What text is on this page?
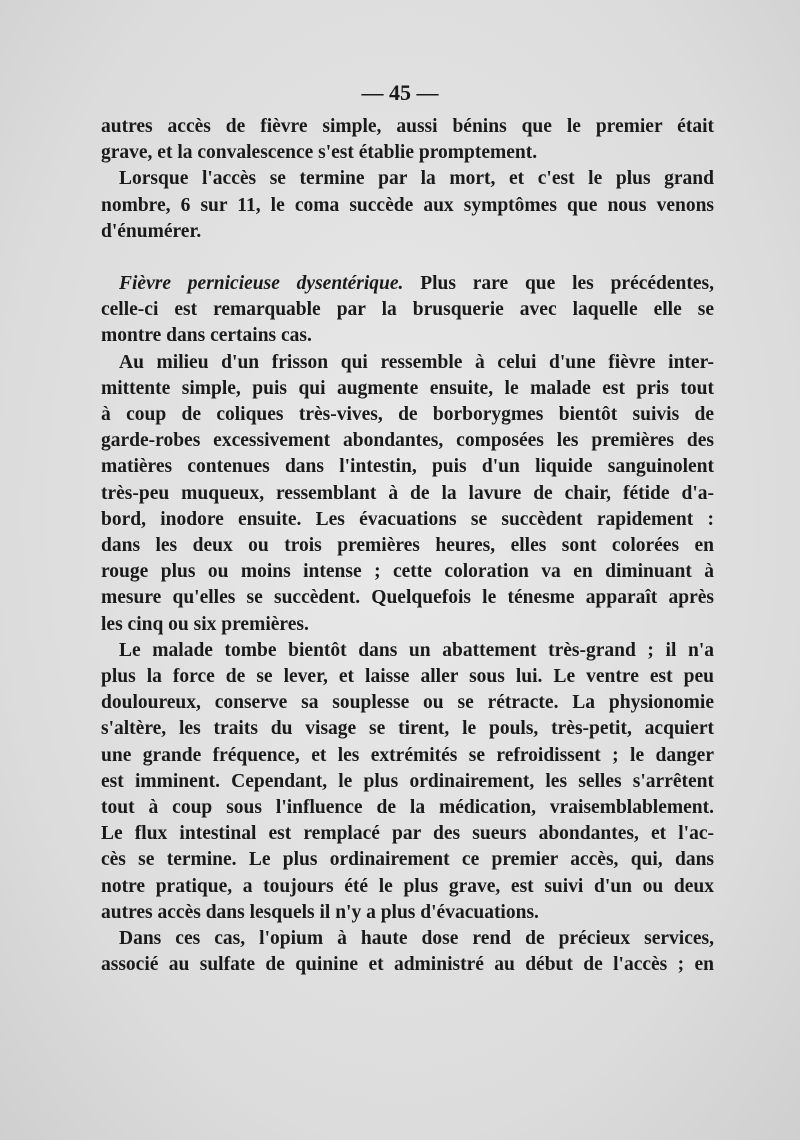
— 45 —

autres accès de fièvre simple, aussi bénins que le premier était
grave, et la convalescence s'est établie promptement.

Lorsque l'accès se termine par la mort, et c'est le plus grand
nombre, 6 sur 11, le coma succède aux symptômes que nous venons
d'énumérer.

Fièvre pernicieuse dysentérique. Plus rare que les précédentes,
celle-ci est remarquable par la brusquerie avec laquelle elle se
montre dans certains cas.

Au milieu d'un frisson qui ressemble à celui d'une fièvre inter-
mittente simple, puis qui augmente ensuite, le malade est pris tout
à coup de coliques très-vives, de borborygmes bientôt suivis de
garde-robes excessivement abondantes, composées les premières des
matières contenues dans l'intestin, puis d'un liquide sanguinolent
très-peu muqueux, ressemblant à de la lavure de chair, fétide d'a-
bord, inodore ensuite. Les évacuations se succèdent rapidement :
dans les deux ou trois premières heures, elles sont colorées en
rouge plus ou moins intense ; cette coloration va en diminuant à
mesure qu'elles se succèdent. Quelquefois le ténesme apparaît après
les cinq ou six premières.

Le malade tombe bientôt dans un abattement très-grand ; il n'a
plus la force de se lever, et laisse aller sous lui. Le ventre est peu
douloureux, conserve sa souplesse ou se rétracte. La physionomie
s'altère, les traits du visage se tirent, le pouls, très-petit, acquiert
une grande fréquence, et les extrémités se refroidissent ; le danger
est imminent. Cependant, le plus ordinairement, les selles s'arrêtent
tout à coup sous l'influence de la médication, vraisemblablement.
Le flux intestinal est remplacé par des sueurs abondantes, et l'ac-
cès se termine. Le plus ordinairement ce premier accès, qui, dans
notre pratique, a toujours été le plus grave, est suivi d'un ou deux
autres accès dans lesquels il n'y a plus d'évacuations.

Dans ces cas, l'opium à haute dose rend de précieux services,
associé au sulfate de quinine et administré au début de l'accès ; en
